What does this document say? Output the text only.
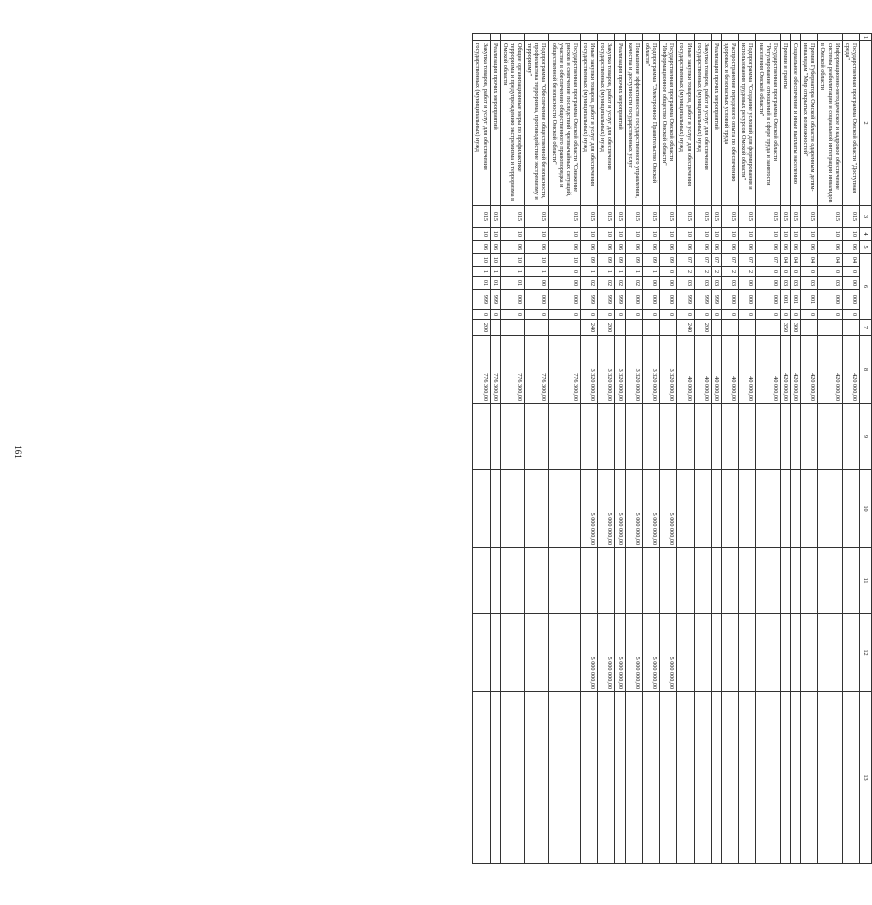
161
1	2	3	4	5	6					7	8	9	10	11	12	13
	Государственная программа Омской области "Доступная среда"	015	10	06	04	0	00	000	0		420 000,00					
	Информационно-методическое и кадровое обеспечение системы реабилитации и социальной интеграции инвалидов в Омской области	015	10	06	04	0	03	000	0		420 000,00					
	Премия Губернатора Омской области одаренным детям-инвалидам "Мир открытых возможностей"	015	10	06	04	0	03	001	0		420 000,00					
	Социальное обеспечение и иные выплаты населению	015	10	06	04	0	03	001	0	300	420 000,00					
	Премии и гранты	015	10	06	04	0	03	001	0	350	420 000,00					
	Государственная программа Омской области "Регулирование отношений в сфере труда и занятости населения Омской области"	015	10	06	07	0	00	000	0		40 000,00					
	Подпрограмма "Создание условий для формирования и использования трудовых ресурсов Омской области"	015	10	06	07	2	00	000	0		40 000,00					
	Распространение передового опыта по обеспечению здоровых и безопасных условий труда	015	10	06	07	2	03	000	0		40 000,00					
	Реализация прочих мероприятий	015	10	06	07	2	03	999	0		40 000,00					
	Закупка товаров, работ и услуг для обеспечения государственных (муниципальных) нужд	015	10	06	07	2	03	999	0	200	40 000,00					
	Иные закупки товаров, работ и услуг для обеспечения государственных (муниципальных) нужд	015	10	06	07	2	03	999	0	240	40 000,00					
	Государственная программа Омской области "Информационное общество Омской области"	015	10	06	09	0	00	000	0		3 320 000,00		5 000 000,00		5 000 000,00	
	Подпрограмма "Электронное Правительство Омской области"	015	10	06	09	1	00	000	0		3 320 000,00		5 000 000,00		5 000 000,00	
	Повышение эффективности государственного управления, качества и доступности государственных услуг	015	10	06	09	1	02	000	0		3 320 000,00		5 000 000,00		5 000 000,00	
	Реализация прочих мероприятий	015	10	06	09	1	02	999	0		3 320 000,00		5 000 000,00		5 000 000,00	
	Закупка товаров, работ и услуг для обеспечения государственных (муниципальных) нужд	015	10	06	09	1	02	999	0	200	3 320 000,00		5 000 000,00		5 000 000,00	
	Иные закупки товаров, работ и услуг для обеспечения государственных (муниципальных) нужд	015	10	06	09	1	02	999	0	240	3 320 000,00		5 000 000,00		5 000 000,00	
	Государственная программа Омской области "Снижение рисков и смягчение последствий чрезвычайных ситуаций, участие в обеспечении общественного правопорядка и общественной безопасности Омской области"	015	10	06	10	0	00	000	0		776 300,00					
	Подпрограмма "Обеспечение общественной безопасности, профилактика терроризма, противодействие экстремизму и терроризму"	015	10	06	10	1	00	000	0		776 300,00					
	Общие организационные меры по профилактике терроризма и предупреждению экстремизма и терроризма в Омской области	015	10	06	10	1	01	000	0		776 300,00					
	Реализация прочих мероприятий	015	10	06	10	1	01	999	0		776 300,00					
	Закупка товаров, работ и услуг для обеспечения государственных (муниципальных) нужд	015	10	06	10	1	01	999	0	200	776 300,00					
